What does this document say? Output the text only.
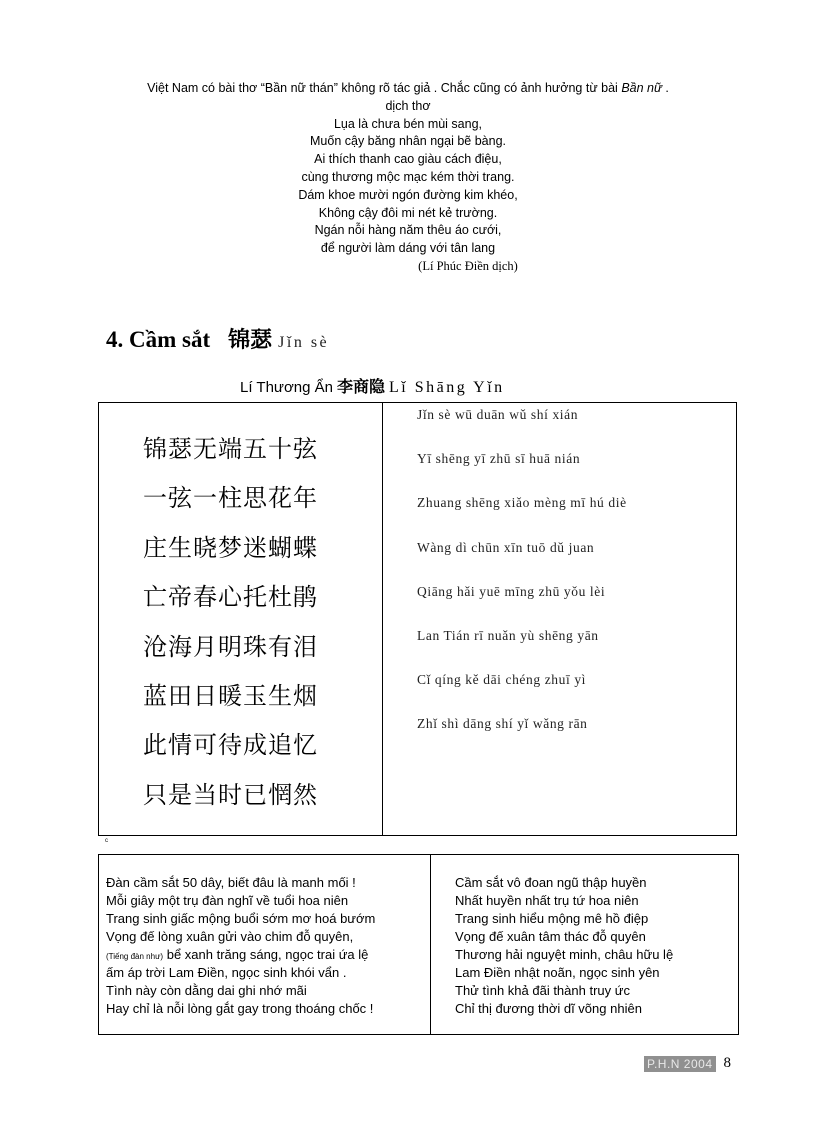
Việt Nam có bài thơ “Bần nữ thán” không rõ tác giả . Chắc cũng có ảnh hưởng từ bài Bần nữ .
dịch thơ
Lụa là chưa bén mùi sang,
Muốn cậy băng nhân ngại bẽ bàng.
Ai thích thanh cao giàu cách điệu,
cùng thương mộc mạc kém thời trang.
Dám khoe mười ngón đường kim khéo,
Không cậy đôi mi nét kẻ trường.
Ngán nỗi hàng năm thêu áo cưới,
để người làm dáng với tân lang
(Lí Phúc Điền dịch)
4. Cầm sắt 锦瑟 Jǐn sè
Lí Thương Ẩn 李商隐 Lǐ Shāng Yǐn
锦瑟无端五十弦
一弦一柱思花年
庄生晓梦迷蝴蝶
亡帝春心托杜鹃
沧海月明珠有泪
蓝田日暖玉生烟
此情可待成追忆
只是当时已惘然
Jǐn sè wū duān wǔ shí xián
Yī shēng yī zhū sī huā nián
Zhuang shēng xiǎo mèng mī hú diè
Wàng dì chūn xīn tuō dǔ juan
Qiāng hǎi yuē mīng zhū yǒu lèi
Lan Tián rī nuǎn yù shēng yān
Cǐ qíng kě dāi chéng zhuī yì
Zhǐ shì dāng shí yǐ wǎng rān
c
Đàn cầm sắt 50 dây, biết đâu là manh mối !
Mỗi giây một trụ đàn nghĩ về tuổi hoa niên
Trang sinh giấc mộng buổi sớm mơ hoá bướm
Vọng đế lòng xuân gửi vào chim đỗ quyên,
(Tiếng đàn như) bể xanh trăng sáng, ngọc trai ứa lệ
ấm áp trời Lam Điền, ngọc sinh khói vẩn .
Tình này còn dằng dai ghi nhớ mãi
Hay chỉ là nỗi lòng gắt gay trong thoáng chốc !
Cầm sắt vô đoan ngũ thập huyền
Nhất huyền nhất trụ tứ hoa niên
Trang sinh hiểu mộng mê hồ điệp
Vọng đế xuân tâm thác đỗ quyên
Thương hải nguyệt minh, châu hữu lệ
Lam Điền nhật noãn, ngọc sinh yên
Thử tình khả đãi thành truy ức
Chỉ thị đương thời dĩ võng nhiên
P.H.N 2004 8
